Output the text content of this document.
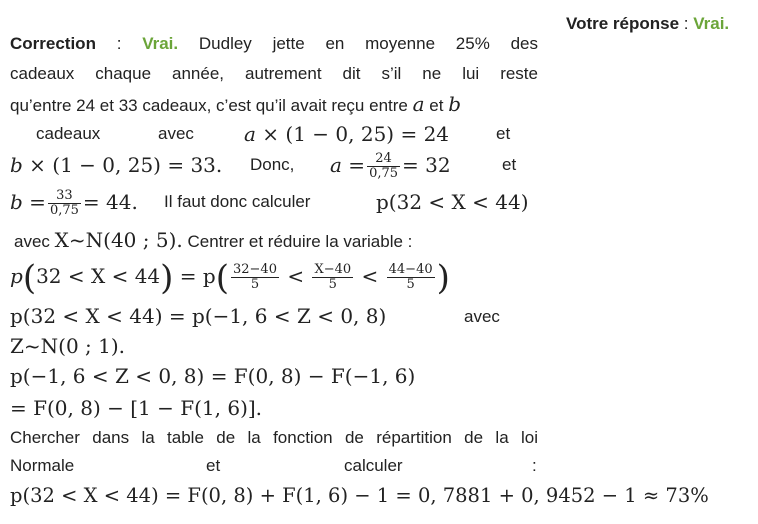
Votre réponse : Vrai.
Correction : Vrai. Dudley jette en moyenne 25% des
cadeaux chaque année, autrement dit s’il ne lui reste
qu’entre 24 et 33 cadeaux, c’est qu’il avait reçu entre a et b
cadeaux	avec	a × (1 − 0, 25) = 24	et
b × (1 − 0, 25) = 33. Donc, $a = \frac{24}{0,75} = 32$	et
$b = \frac{33}{0,75} = 44$. Il faut donc calculer	p(32 < X < 44)
avec X~N(40 ; 5). Centrer et réduire la variable :
$p(32 < X < 44) = p( \frac{32-40}{5} < \frac{X-40}{5} < \frac{44-40}{5}$ )
p(32 < X < 44) = p(−1, 6 < Z < 0, 8)	avec
Z~N(0 ; 1).
p(−1, 6 < Z < 0, 8) = F(0, 8) − F(−1, 6)
= F(0, 8) − [1 − F(1, 6)].
Chercher dans la table de la fonction de répartition de la loi
Normale	et	calculer	:
p(32 < X < 44) = F(0, 8) + F(1, 6) − 1 = 0, 7881 + 0, 9452 − 1 ≈ 73%
